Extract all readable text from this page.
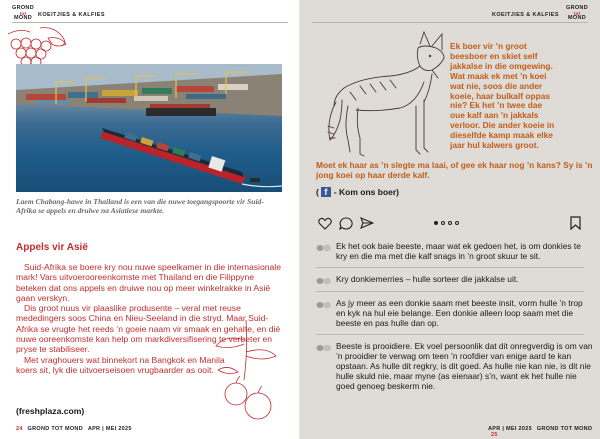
GROND
tot
MOND	KOEITJIES & KALFIES
Laem Chabang-hawe in Thailand is een van die nuwe toegangspoorte vir Suid-Afrika se appels en druiwe na Asiatiese markte.
Appels vir Asië

Suid-Afrika se boere kry nou nuwe speelkamer in die internasionale mark! Vars uitvoerooreenkomste met Thailand en die Filippyne beteken dat ons appels en druiwe nou op meer winkelrakke in Asië gaan verskyn.

Dis groot nuus vir plaaslike produsente – veral met reuse mededingers soos China en Nieu-Seeland in die stryd. Maar Suid-Afrika se vrugte het reeds ’n goeie naam vir smaak en gehalte, en dié nuwe ooreenkomste kan help om markdiversifisering te verbeter en pryse te stabiliseer.

Met vraghouers wat binnekort na Bangkok en Manila koers sit, lyk die uitvoerseisoen vrugbaarder as ooit.

(freshplaza.com)
24 GROND TOT MOND APR | MEI 2025
KOEITJIES & KALFIES
GROND
tot
MOND
Ek boer vir ’n groot
beesboer en skiet self
jakkalse in die omgewing.
Wat maak ek met ’n koei
wat nie, soos die ander
koeie, haar bulkalf oppas
nie? Ek het ’n twee dae
oue kalf aan ’n jakkals
verloor. Die ander koeie in
dieselfde kamp maak elke
jaar hul kalwers groot.
Moet ek haar as ’n slegte ma laai, of gee ek haar nog ’n kans? Sy is ’n jong koei op haar derde kalf.
( f - Kom ons boer)
Ek het ook baie beeste, maar wat ek gedoen het, is om donkies te kry en die ma met die kalf snags in ’n groot skuur te sit.
Kry donkiemerries – hulle sorteer die jakkalse uit.
As jy meer as een donkie saam met beeste insit, vorm hulle ’n trop en kyk na hul eie belange. Een donkie alleen loop saam met die beeste en pas hulle dan op.
Beeste is prooidiere. Ek voel persoonlik dat dit onregverdig is om van ’n prooidier te verwag om teen ’n roofdier van enige aard te kan opstaan. As hulle dit regkry, is dit goed. As hulle nie kan nie, is dit nie hulle skuld nie, maar myne (as eienaar) s’n, want ek het hulle nie goed genoeg beskerm nie.
APR | MEI 2025 GROND TOT MOND 25
